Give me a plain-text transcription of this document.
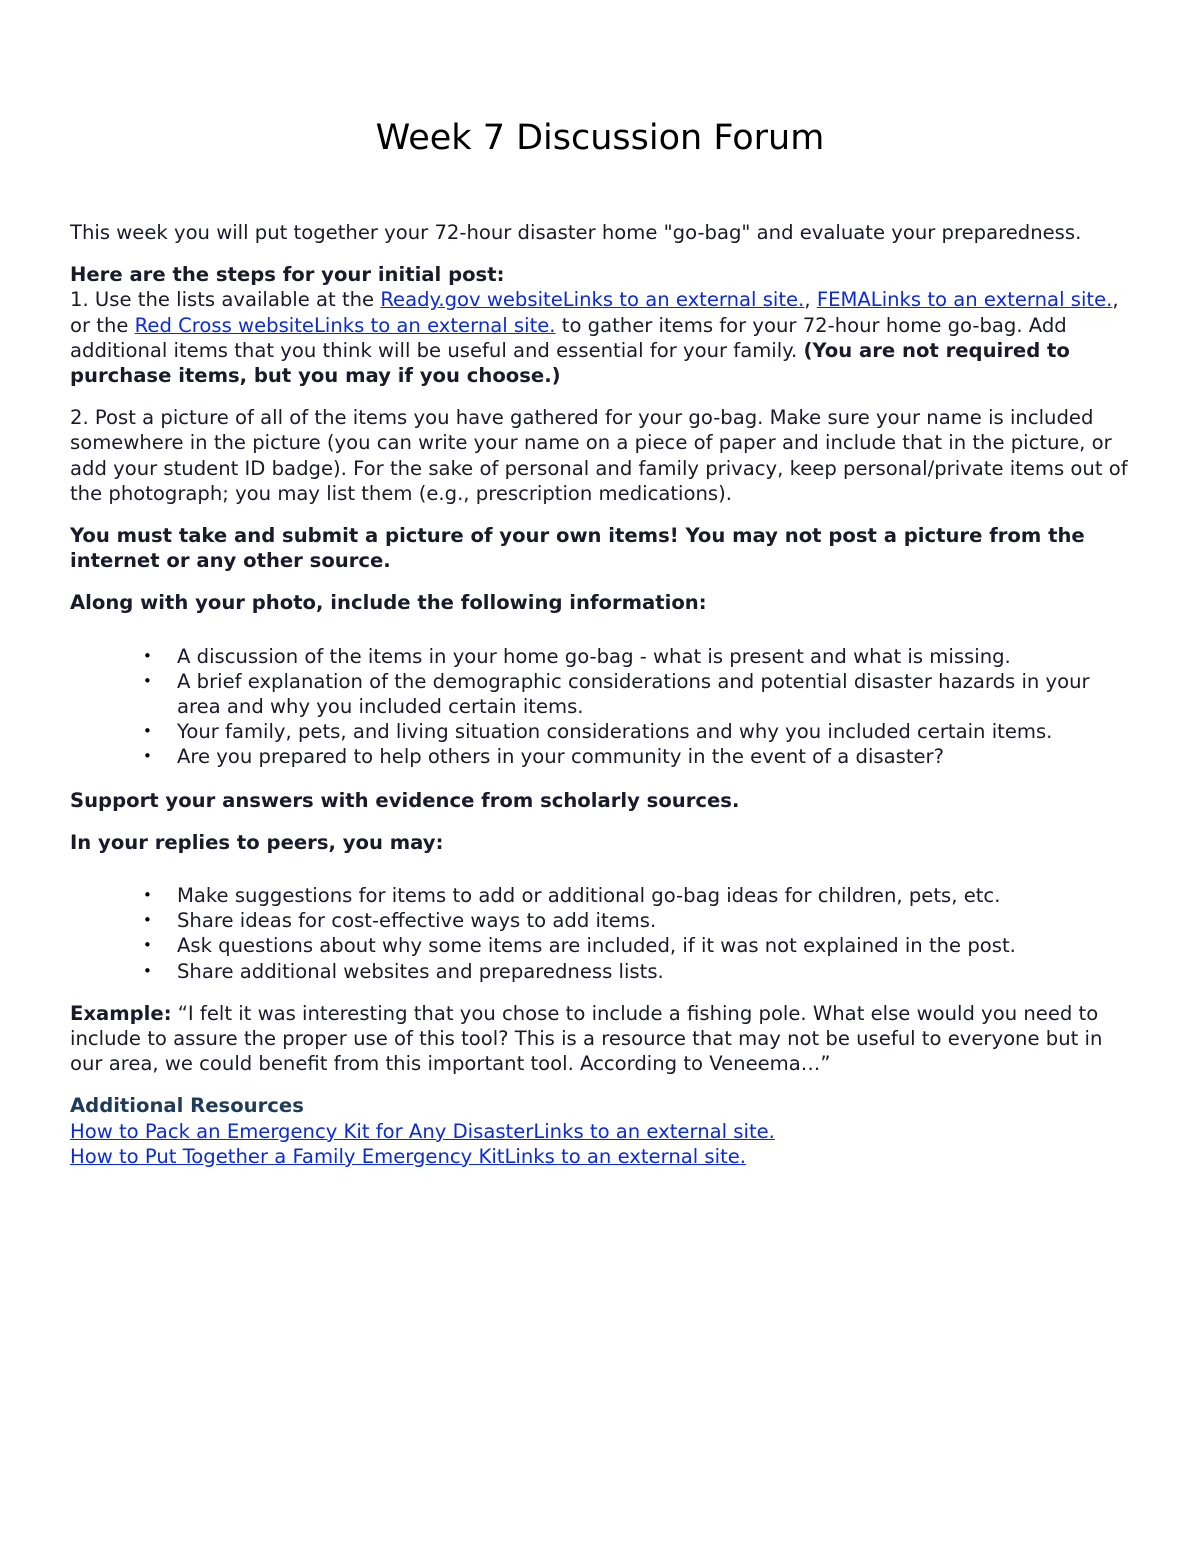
Week 7 Discussion Forum

This week you will put together your 72-hour disaster home "go-bag" and evaluate your preparedness.

Here are the steps for your initial post:
1. Use the lists available at the Ready.gov websiteLinks to an external site., FEMALinks to an external site., or the Red Cross websiteLinks to an external site. to gather items for your 72-hour home go-bag. Add additional items that you think will be useful and essential for your family. (You are not required to purchase items, but you may if you choose.)

2. Post a picture of all of the items you have gathered for your go-bag. Make sure your name is included somewhere in the picture (you can write your name on a piece of paper and include that in the picture, or add your student ID badge). For the sake of personal and family privacy, keep personal/private items out of the photograph; you may list them (e.g., prescription medications).

You must take and submit a picture of your own items! You may not post a picture from the internet or any other source.

Along with your photo, include the following information:

• A discussion of the items in your home go-bag - what is present and what is missing.
• A brief explanation of the demographic considerations and potential disaster hazards in your area and why you included certain items.
• Your family, pets, and living situation considerations and why you included certain items.
• Are you prepared to help others in your community in the event of a disaster?

Support your answers with evidence from scholarly sources.

In your replies to peers, you may:

• Make suggestions for items to add or additional go-bag ideas for children, pets, etc.
• Share ideas for cost-effective ways to add items.
• Ask questions about why some items are included, if it was not explained in the post.
• Share additional websites and preparedness lists.

Example: “I felt it was interesting that you chose to include a fishing pole. What else would you need to include to assure the proper use of this tool? This is a resource that may not be useful to everyone but in our area, we could benefit from this important tool. According to Veneema…”

Additional Resources
How to Pack an Emergency Kit for Any DisasterLinks to an external site.
How to Put Together a Family Emergency KitLinks to an external site.
